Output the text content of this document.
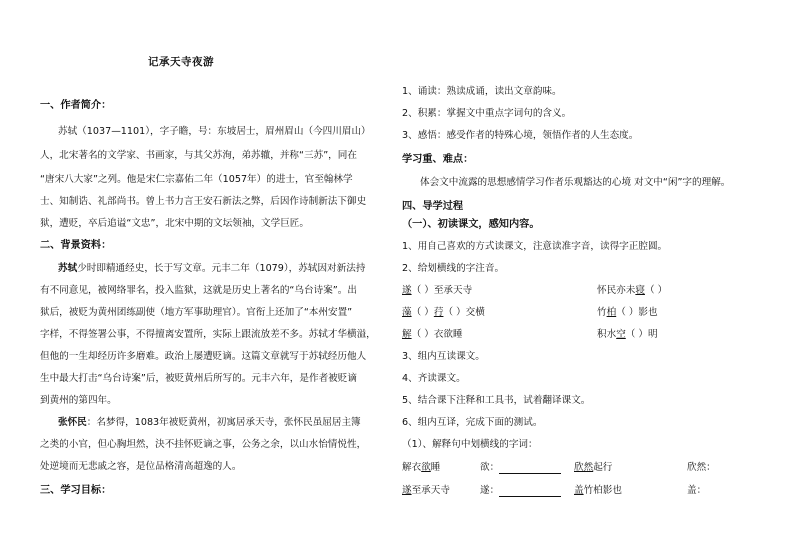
记承天寺夜游
一、作者简介：
苏轼（1037—1101），字子瞻，号：东坡居士，眉州眉山（今四川眉山）
人，北宋著名的文学家、书画家，与其父苏洵，弟苏辙，并称“三苏”，同在
“唐宋八大家”之列。他是宋仁宗嘉佑二年（1057年）的进士，官至翰林学
士、知制诰、礼部尚书。曾上书力言王安石新法之弊，后因作诗制新法下御史
狱，遭贬，卒后追谥“文忠”，北宋中期的文坛领袖，文学巨匠。
二、背景资料：
苏轼少时即精通经史，长于写文章。元丰二年（1079），苏轼因对新法持
有不同意见，被网络罪名，投入监狱，这就是历史上著名的“乌台诗案”。出
狱后，被贬为黄州团练副使（地方军事助理官）。官衔上还加了“本州安置”
字样，不得签署公事，不得擅离安置所，实际上跟流放差不多。苏轼才华横溢，
但他的一生却经历许多磨难。政治上屡遭贬谪。这篇文章就写于苏轼经历他人
生中最大打击“乌台诗案”后，被贬黄州后所写的。元丰六年，是作者被贬谪
到黄州的第四年。
张怀民：名梦得，1083年被贬黄州，初寓居承天寺，张怀民虽屈居主簿
之类的小官，但心胸坦然，決不挂怀贬谪之事，公务之余，以山水怡情悦性，
处逆境而无悲戚之容，是位品格清高超逸的人。
三、学习目标：
1、诵读：熟读成诵，读出文章韵味。
2、积累：掌握文中重点字词句的含义。
3、感悟：感受作者的特殊心境，领悟作者的人生态度。
学习重、难点：
体会文中流露的思想感情学习作者乐观豁达的心境 对文中“闲”字的理解。
四、导学过程
（一）、初读课文，感知内容。
1、用自己喜欢的方式读课文，注意读准字音，读得字正腔圆。
2、给划横线的字注音。
遂（ ）至承天寺	怀民亦未寝（ ）
藻（ ）荇（ ）交横	竹柏（ ）影也
解（ ）衣欲睡	积水空（ ）明
3、组内互读课文。
4、齐读课文。
5、结合课下注释和工具书，试着翻译课文。
6、组内互译，完成下面的测试。
（1）、解释句中划横线的字词：
解衣欲睡	欲：	欣然起行	欣然：
遂至承天寺	遂：	盖竹柏影也	盖：
